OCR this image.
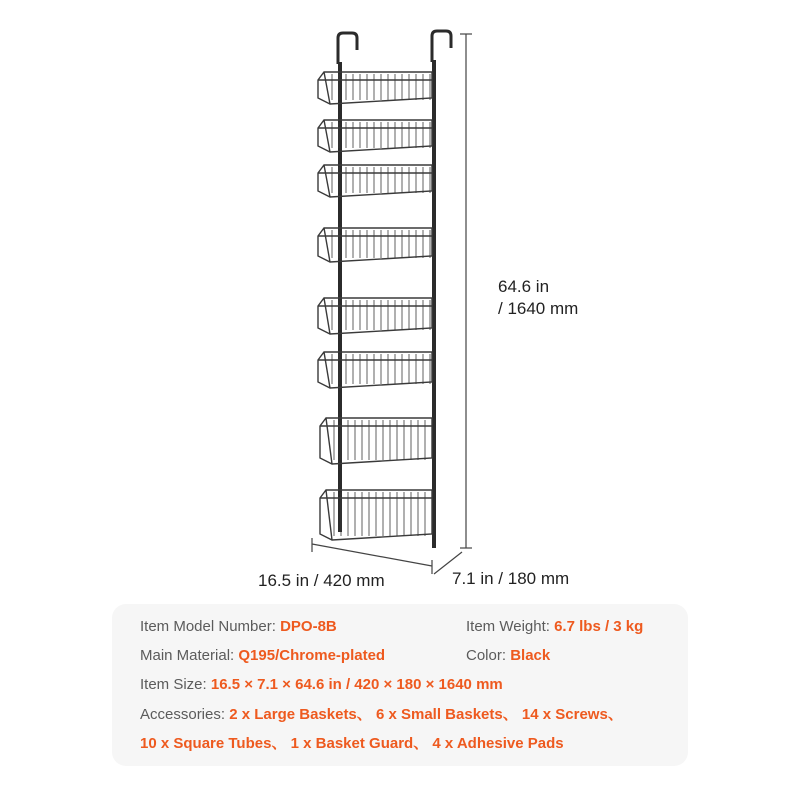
64.6 in
/ 1640 mm
16.5 in / 420 mm	7.1 in / 180 mm
Item Model Number: DPO-8B	Item Weight: 6.7 lbs / 3 kg
Main Material: Q195/Chrome-plated	Color: Black
Item Size: 16.5 × 7.1 × 64.6 in / 420 × 180 × 1640 mm
Accessories: 2 x Large Baskets、 6 x Small Baskets、 14 x Screws、
10 x Square Tubes、 1 x Basket Guard、 4 x Adhesive Pads
